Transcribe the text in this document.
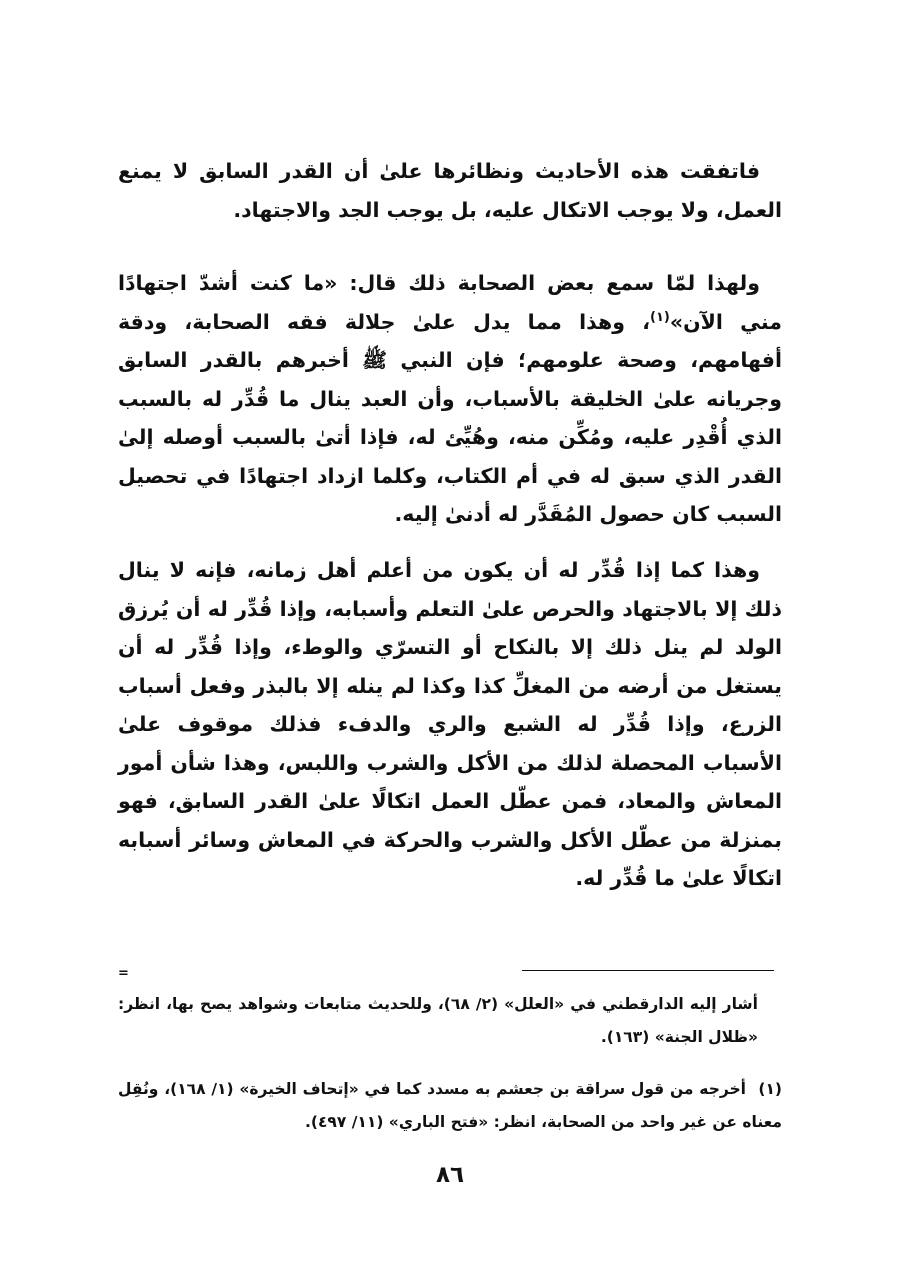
فاتفقت هذه الأحاديث ونظائرها علىٰ أن القدر السابق لا يمنع العمل، ولا يوجب الاتكال عليه، بل يوجب الجد والاجتهاد.

ولهذا لمّا سمع بعض الصحابة ذلك قال: «ما كنت أشدّ اجتهادًا مني الآن»$^{(١)}$، وهذا مما يدل علىٰ جلالة فقه الصحابة، ودقة أفهامهم، وصحة علومهم؛ فإن النبي ﷺ أخبرهم بالقدر السابق وجريانه علىٰ الخليقة بالأسباب، وأن العبد ينال ما قُدِّر له بالسبب الذي أُقْدِر عليه، ومُكِّن منه، وهُيِّئ له، فإذا أتىٰ بالسبب أوصله إلىٰ القدر الذي سبق له في أم الكتاب، وكلما ازداد اجتهادًا في تحصيل السبب كان حصول المُقَدَّر له أدنىٰ إليه.

وهذا كما إذا قُدِّر له أن يكون من أعلم أهل زمانه، فإنه لا ينال ذلك إلا بالاجتهاد والحرص علىٰ التعلم وأسبابه، وإذا قُدِّر له أن يُرزق الولد لم ينل ذلك إلا بالنكاح أو التسرّي والوطء، وإذا قُدِّر له أن يستغل من أرضه من المغلِّ كذا وكذا لم ينله إلا بالبذر وفعل أسباب الزرع، وإذا قُدِّر له الشبع والري والدفء فذلك موقوف علىٰ الأسباب المحصلة لذلك من الأكل والشرب واللبس، وهذا شأن أمور المعاش والمعاد، فمن عطّل العمل اتكالًا علىٰ القدر السابق، فهو بمنزلة من عطّل الأكل والشرب والحركة في المعاش وسائر أسبابه اتكالًا علىٰ ما قُدِّر له.

أشار إليه الدارقطني في «العلل» (٢/ ٦٨)، وللحديث متابعات وشواهد يصح بها، انظر: «ظلال الجنة» (١٦٣).

(١)أخرجه من قول سراقة بن جعشم به مسدد كما في «إتحاف الخيرة» (١/ ١٦٨)، ونُقِل معناه عن غير واحد من الصحابة، انظر: «فتح الباري» (١١/ ٤٩٧).

٨٦
=
